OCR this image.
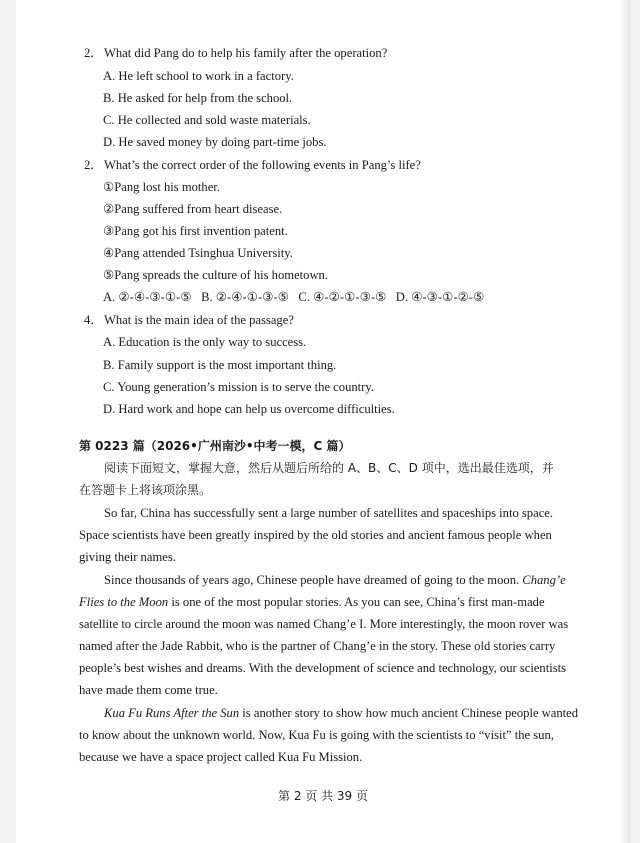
2． What did Pang do to help his family after the operation?
A. He left school to work in a factory.
B. He asked for help from the school.
C. He collected and sold waste materials.
D. He saved money by doing part-time jobs.
2． What’s the correct order of the following events in Pang’s life?
①Pang lost his mother.
②Pang suffered from heart disease.
③Pang got his first invention patent.
④Pang attended Tsinghua University.
⑤Pang spreads the culture of his hometown.
A. ②-④-③-①-⑤   B. ②-④-①-③-⑤   C. ④-②-①-③-⑤   D. ④-③-①-②-⑤
4． What is the main idea of the passage?
A. Education is the only way to success.
B. Family support is the most important thing.
C. Young generation’s mission is to serve the country.
D. Hard work and hope can help us overcome difficulties.
第 0223 篇（2026•广州南沙•中考一模，C 篇）
阅读下面短文，掌握大意，然后从题后所给的 A、B、C、D 项中，选出最佳选项，并
在答题卡上将该项涂黑。
So far, China has successfully sent a large number of satellites and spaceships into space.
Space scientists have been greatly inspired by the old stories and ancient famous people when
giving their names.
Since thousands of years ago, Chinese people have dreamed of going to the moon. Chang’e
Flies to the Moon is one of the most popular stories. As you can see, China’s first man-made
satellite to circle around the moon was named Chang’e I. More interestingly, the moon rover was
named after the Jade Rabbit, who is the partner of Chang’e in the story. These old stories carry
people’s best wishes and dreams. With the development of science and technology, our scientists
have made them come true.
Kua Fu Runs After the Sun is another story to show how much ancient Chinese people wanted
to know about the unknown world. Now, Kua Fu is going with the scientists to “visit” the sun,
because we have a space project called Kua Fu Mission.
第 2 页 共 39 页
